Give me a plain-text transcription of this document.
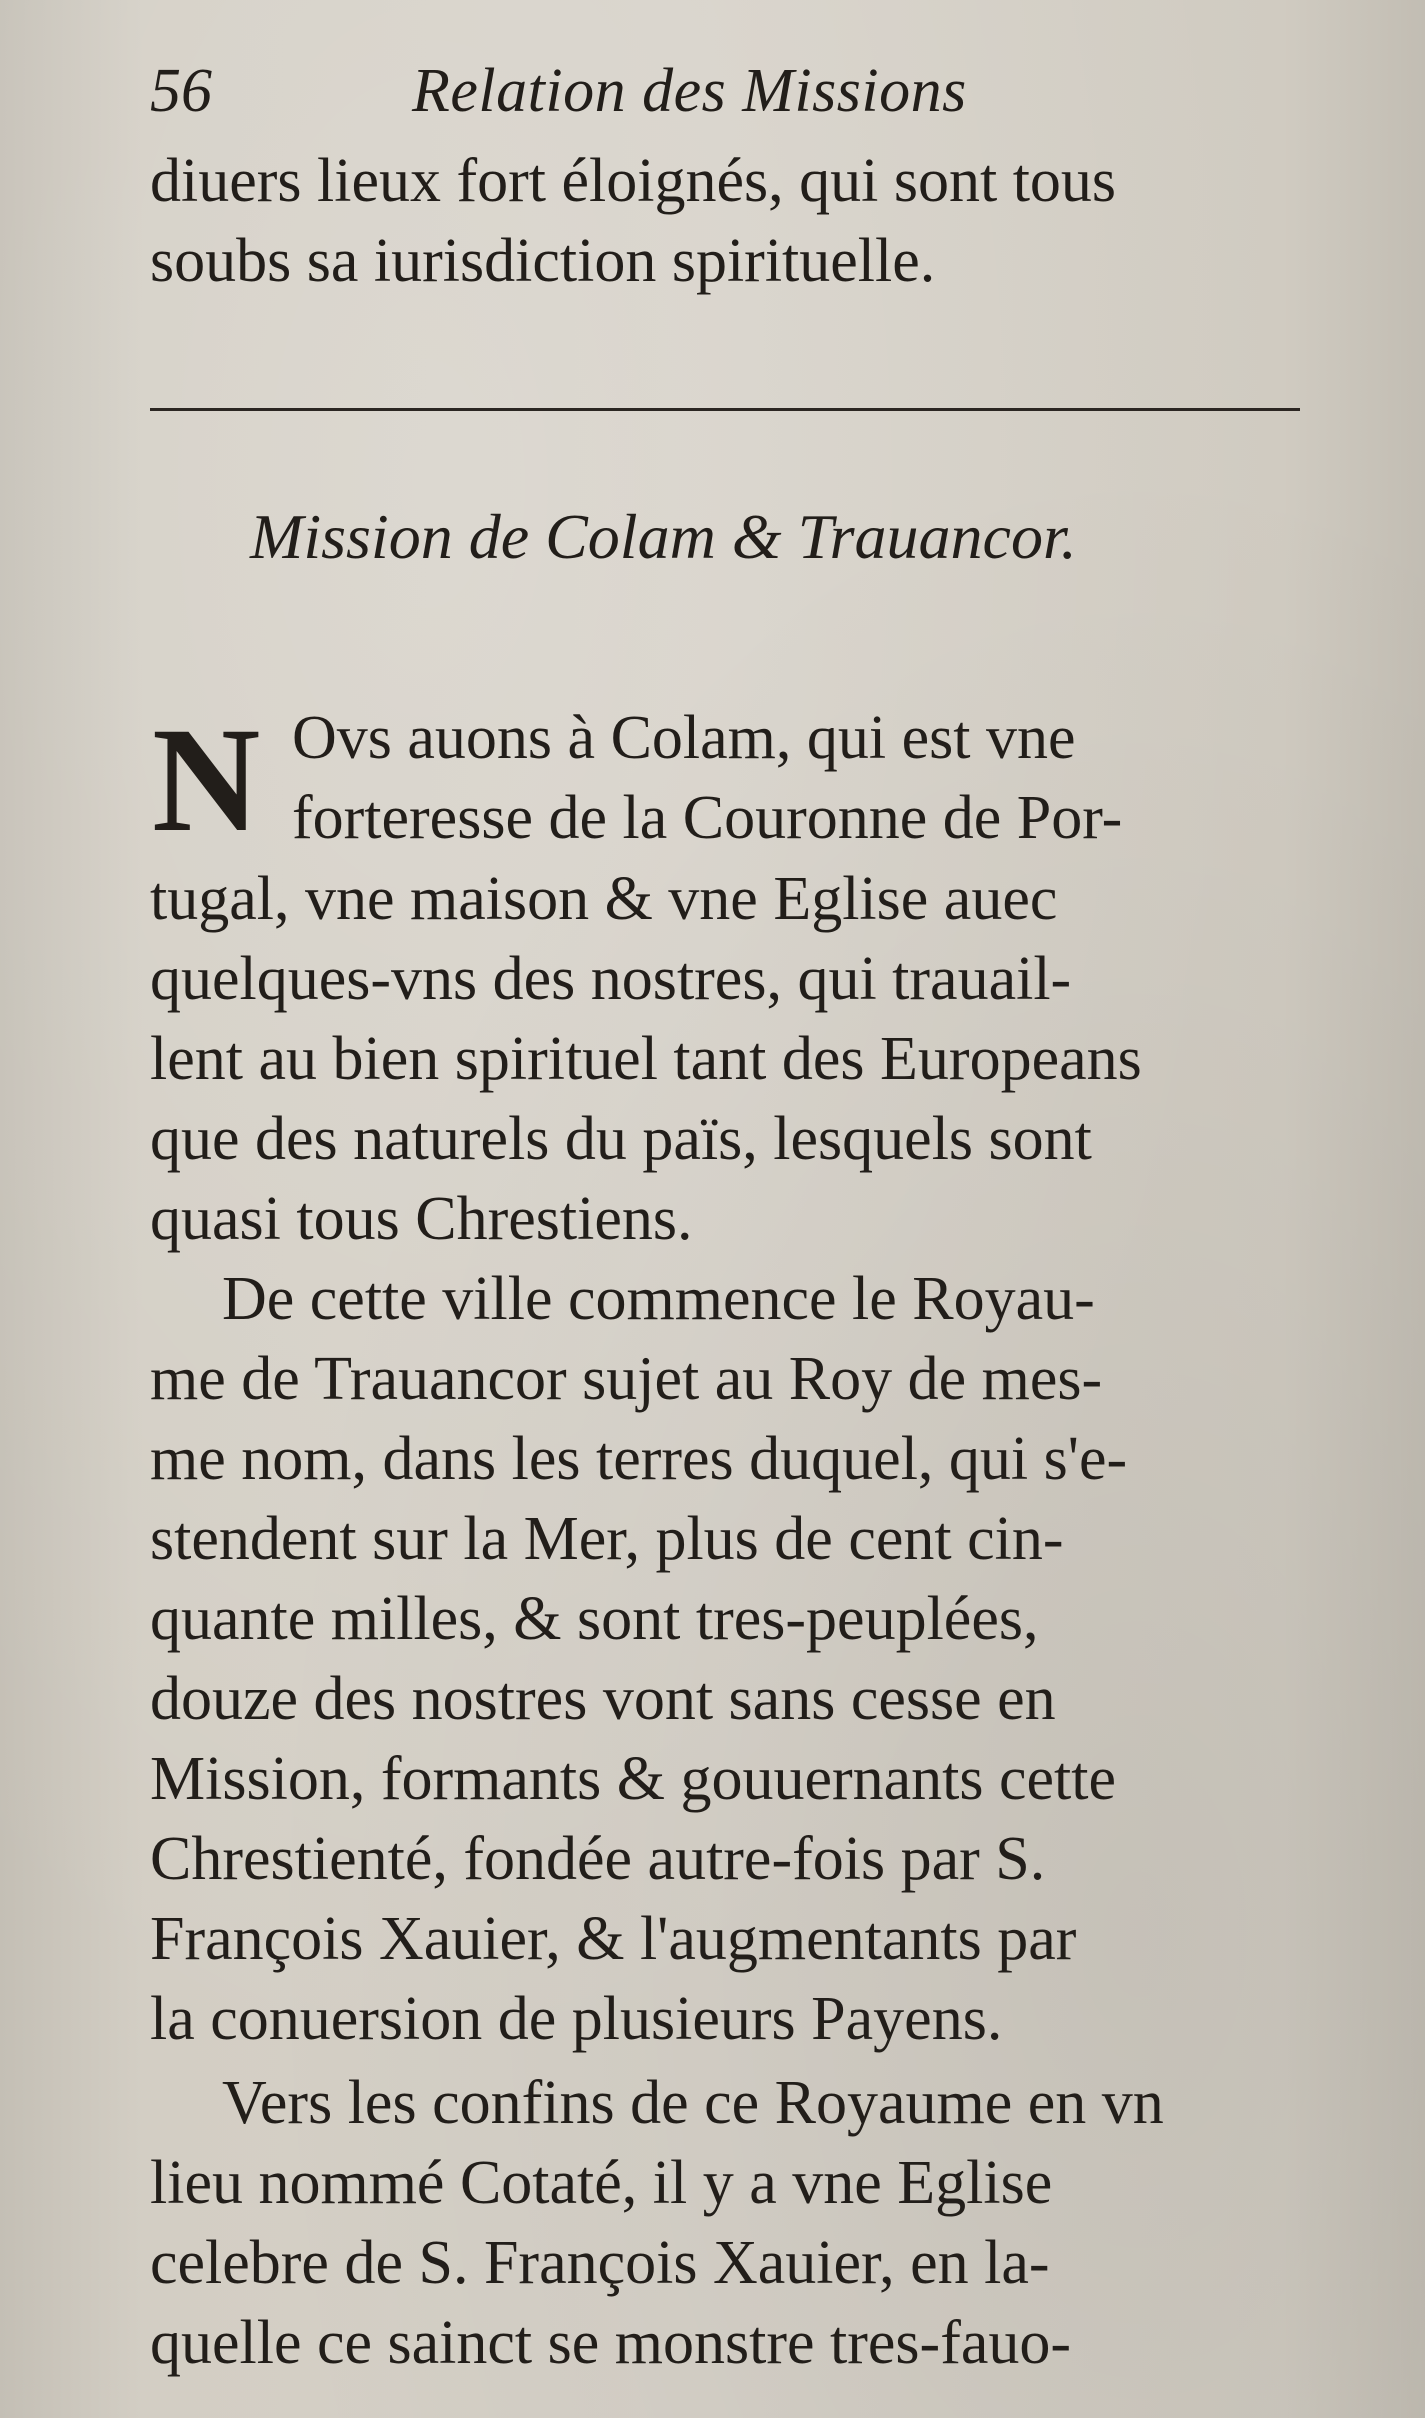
56	Relation des Missions
diuers lieux fort éloignés, qui sont tous
soubs sa iurisdiction spirituelle.
Mission de Colam & Trauancor.
N Ovs auons à Colam, qui est vne
forteresse de la Couronne de Por-
tugal, vne maison & vne Eglise auec
quelques-vns des nostres, qui trauail-
lent au bien spirituel tant des Europeans
que des naturels du païs, lesquels sont
quasi tous Chrestiens.
De cette ville commence le Royau-
me de Trauancor sujet au Roy de mes-
me nom, dans les terres duquel, qui s'e-
stendent sur la Mer, plus de cent cin-
quante milles, & sont tres-peuplées,
douze des nostres vont sans cesse en
Mission, formants & gouuernants cette
Chrestienté, fondée autre-fois par S.
François Xauier, & l'augmentants par
la conuersion de plusieurs Payens.
Vers les confins de ce Royaume en vn
lieu nommé Cotaté, il y a vne Eglise
celebre de S. François Xauier, en la-
quelle ce sainct se monstre tres-fauo-
